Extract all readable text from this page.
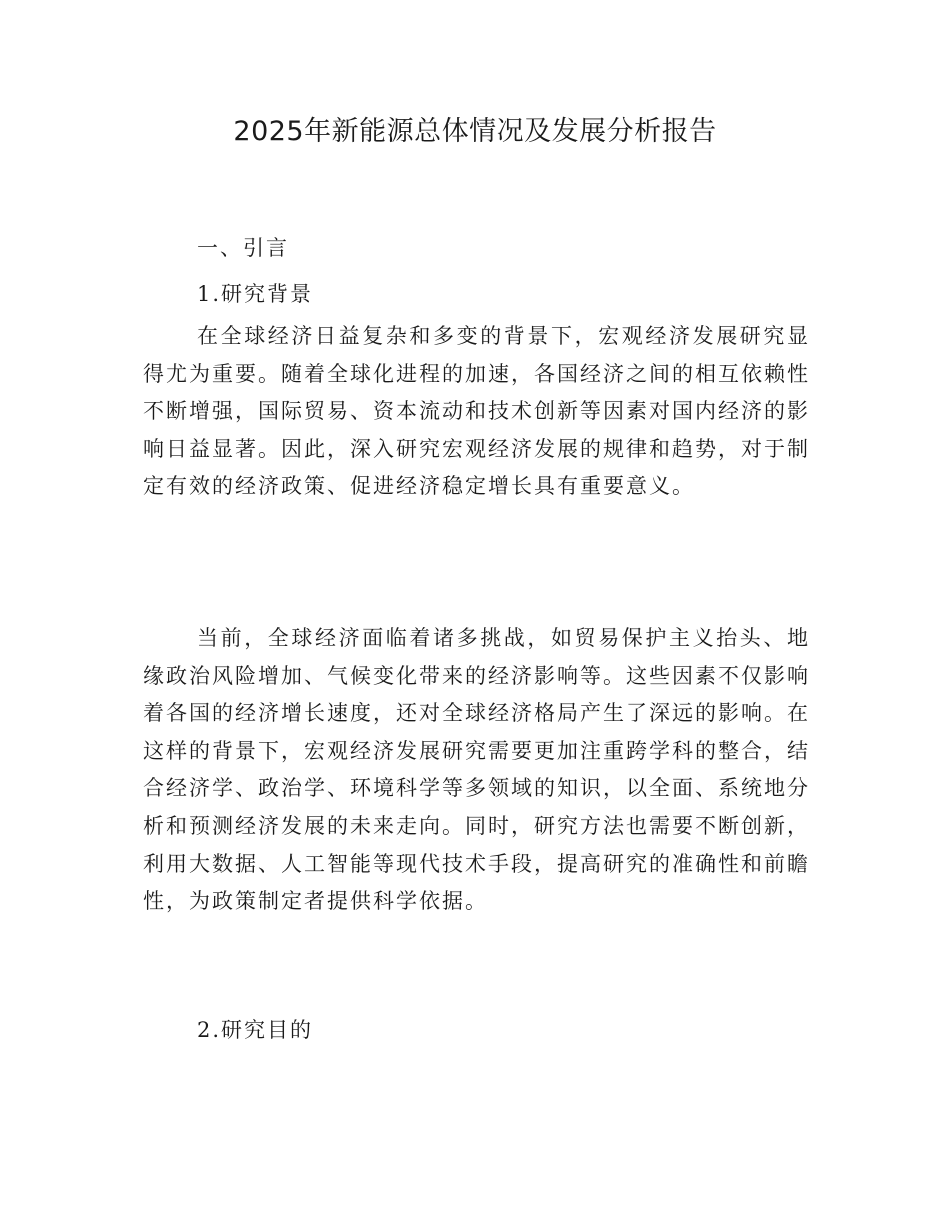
2025年新能源总体情况及发展分析报告
一、引言
1.研究背景

在全球经济日益复杂和多变的背景下，宏观经济发展研究显得尤为重要。随着全球化进程的加速，各国经济之间的相互依赖性不断增强，国际贸易、资本流动和技术创新等因素对国内经济的影响日益显著。因此，深入研究宏观经济发展的规律和趋势，对于制定有效的经济政策、促进经济稳定增长具有重要意义。

当前，全球经济面临着诸多挑战，如贸易保护主义抬头、地缘政治风险增加、气候变化带来的经济影响等。这些因素不仅影响着各国的经济增长速度，还对全球经济格局产生了深远的影响。在这样的背景下，宏观经济发展研究需要更加注重跨学科的整合，结合经济学、政治学、环境科学等多领域的知识，以全面、系统地分析和预测经济发展的未来走向。同时，研究方法也需要不断创新，利用大数据、人工智能等现代技术手段，提高研究的准确性和前瞻性，为政策制定者提供科学依据。

2.研究目的
